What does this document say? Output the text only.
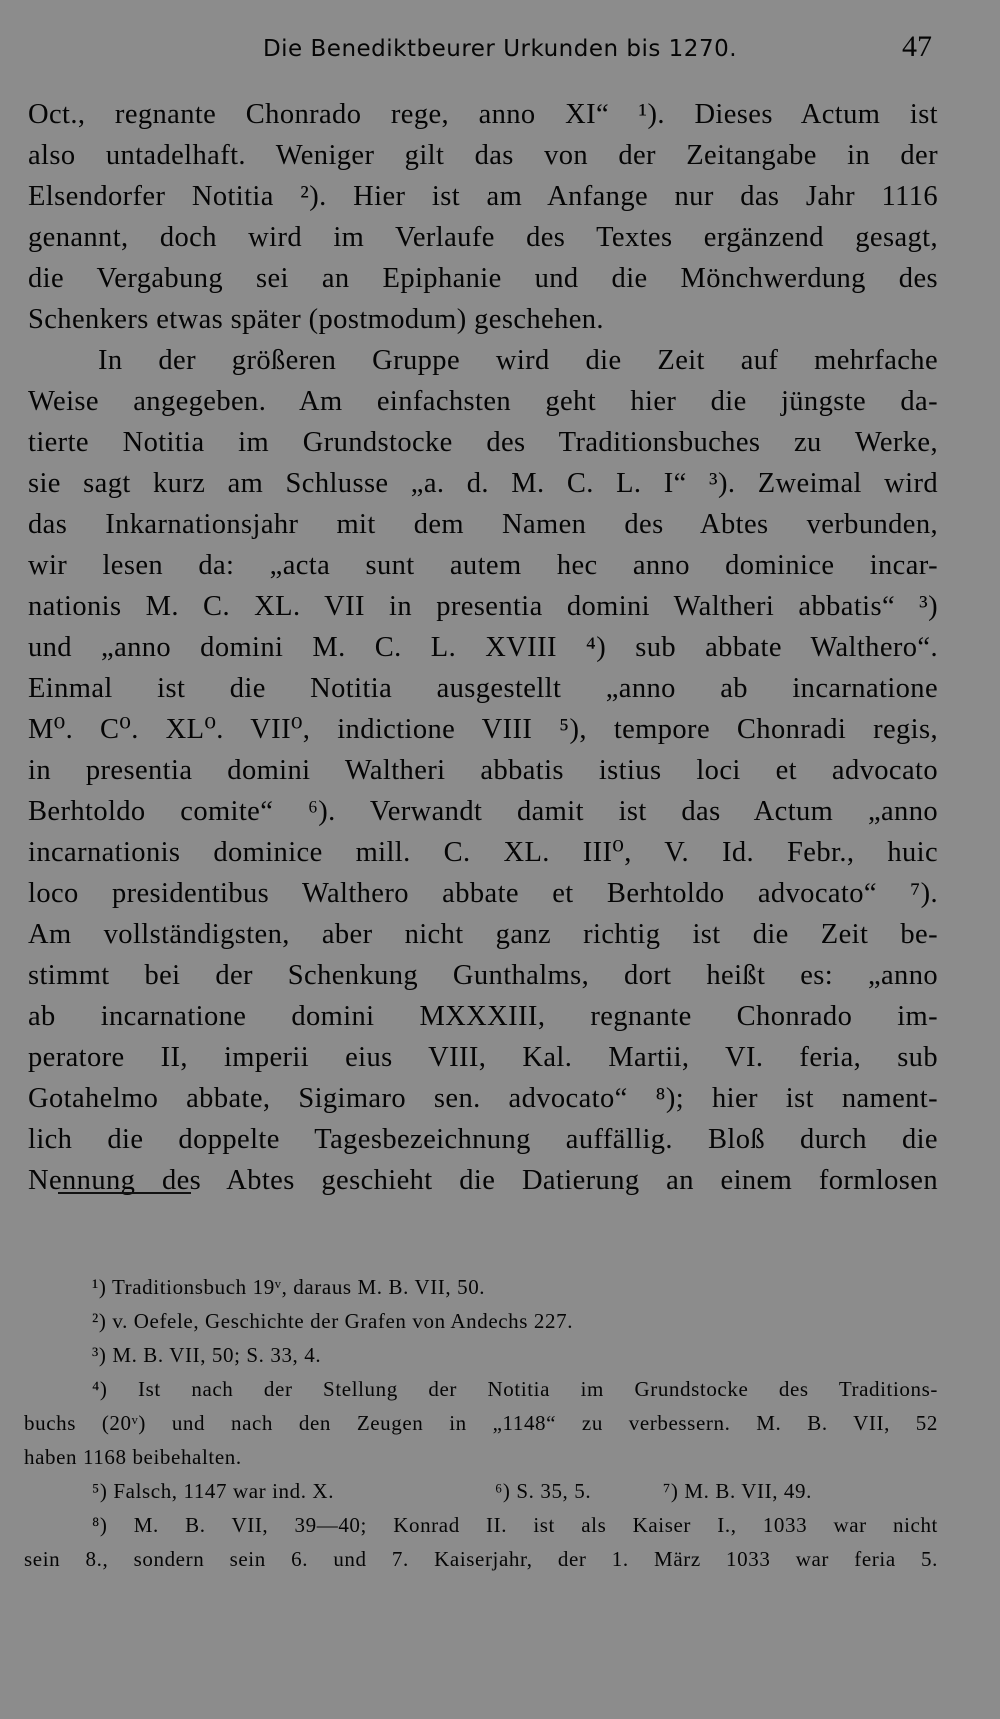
Die Benediktbeurer Urkunden bis 1270.	47
Oct., regnante Chonrado rege, anno XI“ ¹). Dieses Actum ist
also untadelhaft. Weniger gilt das von der Zeitangabe in der
Elsendorfer Notitia ²). Hier ist am Anfange nur das Jahr 1116
genannt, doch wird im Verlaufe des Textes ergänzend gesagt,
die Vergabung sei an Epiphanie und die Mönchwerdung des
Schenkers etwas später (postmodum) geschehen.
In der größeren Gruppe wird die Zeit auf mehrfache
Weise angegeben. Am einfachsten geht hier die jüngste da-
tierte Notitia im Grundstocke des Traditionsbuches zu Werke,
sie sagt kurz am Schlusse „a. d. M. C. L. I“ ³). Zweimal wird
das Inkarnationsjahr mit dem Namen des Abtes verbunden,
wir lesen da: „acta sunt autem hec anno dominice incar-
nationis M. C. XL. VII in presentia domini Waltheri abbatis“ ³)
und „anno domini M. C. L. XVIII ⁴) sub abbate Walthero“.
Einmal ist die Notitia ausgestellt „anno ab incarnatione
M⁰. C⁰. XL⁰. VII⁰, indictione VIII ⁵), tempore Chonradi regis,
in presentia domini Waltheri abbatis istius loci et advocato
Berhtoldo comite“ ⁶). Verwandt damit ist das Actum „anno
incarnationis dominice mill. C. XL. III⁰, V. Id. Febr., huic
loco presidentibus Walthero abbate et Berhtoldo advocato“ ⁷).
Am vollständigsten, aber nicht ganz richtig ist die Zeit be-
stimmt bei der Schenkung Gunthalms, dort heißt es: „anno
ab incarnatione domini MXXXIII, regnante Chonrado im-
peratore II, imperii eius VIII, Kal. Martii, VI. feria, sub
Gotahelmo abbate, Sigimaro sen. advocato“ ⁸); hier ist nament-
lich die doppelte Tagesbezeichnung auffällig. Bloß durch die
Nennung des Abtes geschieht die Datierung an einem formlosen
¹) Traditionsbuch 19ᵛ, daraus M. B. VII, 50.
²) v. Oefele, Geschichte der Grafen von Andechs 227.
³) M. B. VII, 50; S. 33, 4.
⁴) Ist nach der Stellung der Notitia im Grundstocke des Traditions-
buchs (20ᵛ) und nach den Zeugen in „1148“ zu verbessern. M. B. VII, 52
haben 1168 beibehalten.
⁵) Falsch, 1147 war ind. X.	⁶) S. 35, 5.	⁷) M. B. VII, 49.
⁸) M. B. VII, 39—40; Konrad II. ist als Kaiser I., 1033 war nicht
sein 8., sondern sein 6. und 7. Kaiserjahr, der 1. März 1033 war feria 5.
